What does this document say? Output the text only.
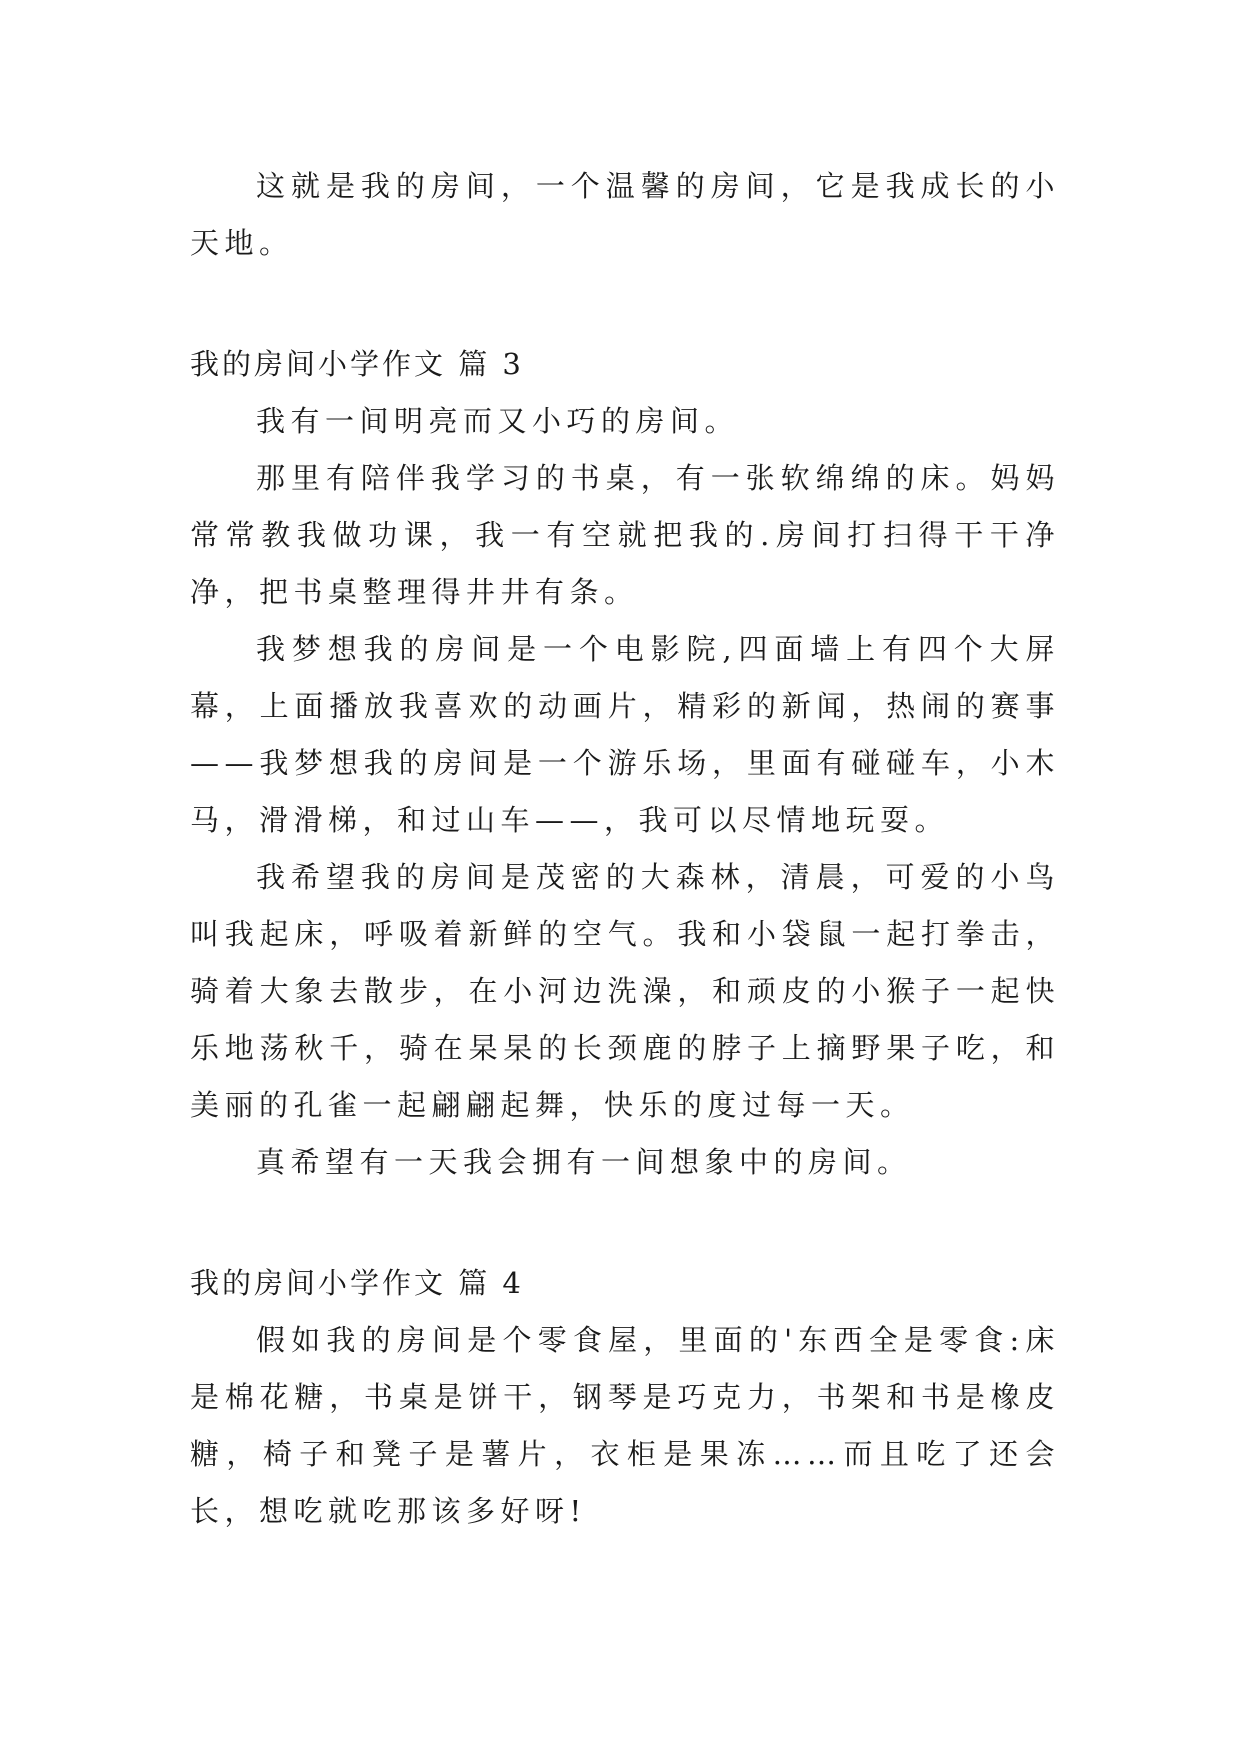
这就是我的房间，一个温馨的房间，它是我成长的小天地。

我的房间小学作文 篇 3

我有一间明亮而又小巧的房间。

那里有陪伴我学习的书桌，有一张软绵绵的床。妈妈常常教我做功课，我一有空就把我的.房间打扫得干干净净，把书桌整理得井井有条。

我梦想我的房间是一个电影院,四面墙上有四个大屏幕，上面播放我喜欢的动画片，精彩的新闻，热闹的赛事——我梦想我的房间是一个游乐场，里面有碰碰车，小木马，滑滑梯，和过山车——，我可以尽情地玩耍。

我希望我的房间是茂密的大森林，清晨，可爱的小鸟叫我起床，呼吸着新鲜的空气。我和小袋鼠一起打拳击，骑着大象去散步，在小河边洗澡，和顽皮的小猴子一起快乐地荡秋千，骑在杲杲的长颈鹿的脖子上摘野果子吃，和美丽的孔雀一起翩翩起舞，快乐的度过每一天。

真希望有一天我会拥有一间想象中的房间。

我的房间小学作文 篇 4

假如我的房间是个零食屋，里面的'东西全是零食:床是棉花糖，书桌是饼干，钢琴是巧克力，书架和书是橡皮糖，椅子和凳子是薯片，衣柜是果冻……而且吃了还会长，想吃就吃那该多好呀!
